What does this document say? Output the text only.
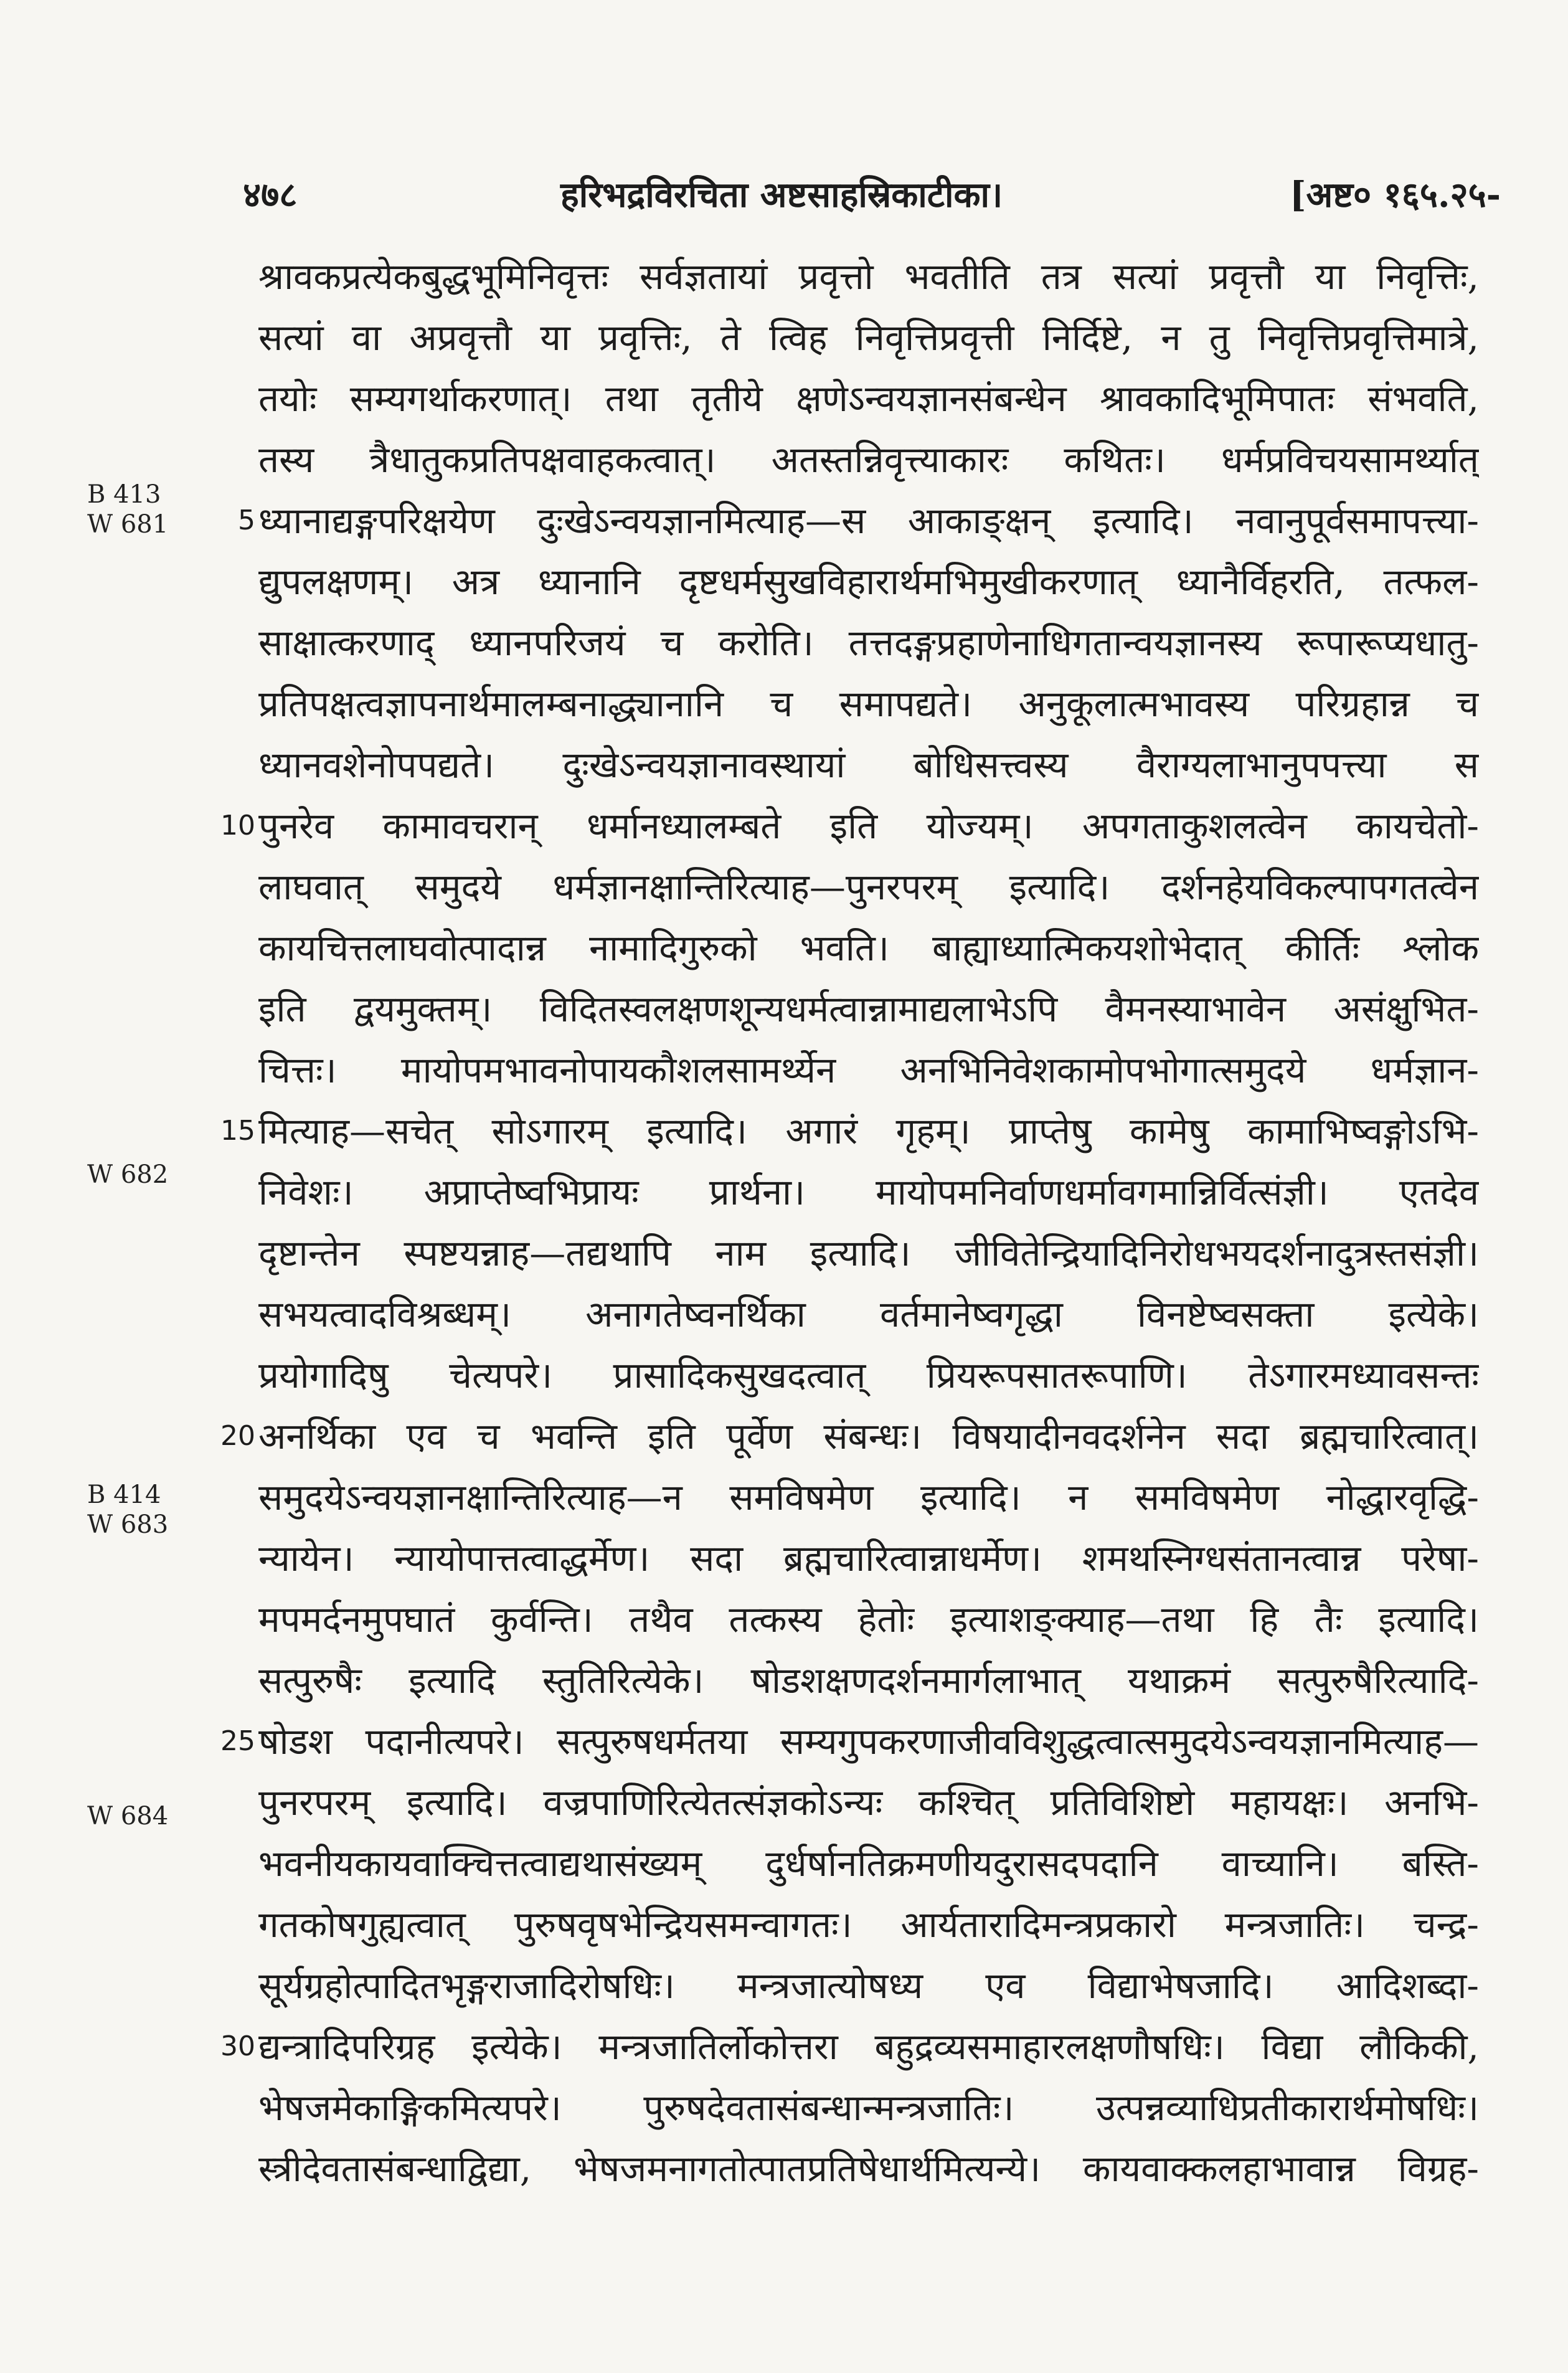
४७८	हरिभद्रविरचिता अष्टसाहस्रिकाटीका।	[अष्ट० १६५.२५-
B 413
W 681
W 682
B 414
W 683
W 684
5
10
15
20
25
30
श्रावकप्रत्येकबुद्धभूमिनिवृत्तः सर्वज्ञतायां प्रवृत्तो भवतीति तत्र सत्यां प्रवृत्तौ या निवृत्तिः,
सत्यां वा अप्रवृत्तौ या प्रवृत्तिः, ते त्विह निवृत्तिप्रवृत्ती निर्दिष्टे, न तु निवृत्तिप्रवृत्तिमात्रे,
तयोः सम्यगर्थाकरणात्। तथा तृतीये क्षणेऽन्वयज्ञानसंबन्धेन श्रावकादिभूमिपातः संभवति,
तस्य त्रैधातुकप्रतिपक्षवाहकत्वात्। अतस्तन्निवृत्त्याकारः कथितः। धर्मप्रविचयसामर्थ्यात्
ध्यानाद्यङ्गपरिक्षयेण दुःखेऽन्वयज्ञानमित्याह—स आकाङ्क्षन् इत्यादि। नवानुपूर्वसमापत्त्या-
द्युपलक्षणम्। अत्र ध्यानानि दृष्टधर्मसुखविहारार्थमभिमुखीकरणात् ध्यानैर्विहरति, तत्फल-
साक्षात्करणाद् ध्यानपरिजयं च करोति। तत्तदङ्गप्रहाणेनाधिगतान्वयज्ञानस्य रूपारूप्यधातु-
प्रतिपक्षत्वज्ञापनार्थमालम्बनाद्ध्यानानि च समापद्यते। अनुकूलात्मभावस्य परिग्रहान्न च
ध्यानवशेनोपपद्यते। दुःखेऽन्वयज्ञानावस्थायां बोधिसत्त्वस्य वैराग्यलाभानुपपत्त्या स
पुनरेव कामावचरान् धर्मानध्यालम्बते इति योज्यम्। अपगताकुशलत्वेन कायचेतो-
लाघवात् समुदये धर्मज्ञानक्षान्तिरित्याह—पुनरपरम् इत्यादि। दर्शनहेयविकल्पापगतत्वेन
कायचित्तलाघवोत्पादान्न नामादिगुरुको भवति। बाह्याध्यात्मिकयशोभेदात् कीर्तिः श्लोक
इति द्वयमुक्तम्। विदितस्वलक्षणशून्यधर्मत्वान्नामाद्यलाभेऽपि वैमनस्याभावेन असंक्षुभित-
चित्तः। मायोपमभावनोपायकौशलसामर्थ्येन अनभिनिवेशकामोपभोगात्समुदये धर्मज्ञान-
मित्याह—सचेत् सोऽगारम् इत्यादि। अगारं गृहम्। प्राप्तेषु कामेषु कामाभिष्वङ्गोऽभि-
निवेशः। अप्राप्तेष्वभिप्रायः प्रार्थना। मायोपमनिर्वाणधर्मावगमान्निर्वित्संज्ञी। एतदेव
दृष्टान्तेन स्पष्टयन्नाह—तद्यथापि नाम इत्यादि। जीवितेन्द्रियादिनिरोधभयदर्शनादुत्रस्तसंज्ञी।
सभयत्वादविश्रब्धम्। अनागतेष्वनर्थिका वर्तमानेष्वगृद्धा विनष्टेष्वसक्ता इत्येके।
प्रयोगादिषु चेत्यपरे। प्रासादिकसुखदत्वात् प्रियरूपसातरूपाणि। तेऽगारमध्यावसन्तः
अनर्थिका एव च भवन्ति इति पूर्वेण संबन्धः। विषयादीनवदर्शनेन सदा ब्रह्मचारित्वात्।
समुदयेऽन्वयज्ञानक्षान्तिरित्याह—न समविषमेण इत्यादि। न समविषमेण नोद्धारवृद्धि-
न्यायेन। न्यायोपात्तत्वाद्धर्मेण। सदा ब्रह्मचारित्वान्नाधर्मेण। शमथस्निग्धसंतानत्वान्न परेषा-
मपमर्दनमुपघातं कुर्वन्ति। तथैव तत्कस्य हेतोः इत्याशङ्क्याह—तथा हि तैः इत्यादि।
सत्पुरुषैः इत्यादि स्तुतिरित्येके। षोडशक्षणदर्शनमार्गलाभात् यथाक्रमं सत्पुरुषैरित्यादि-
षोडश पदानीत्यपरे। सत्पुरुषधर्मतया सम्यगुपकरणाजीवविशुद्धत्वात्समुदयेऽन्वयज्ञानमित्याह—
पुनरपरम् इत्यादि। वज्रपाणिरित्येतत्संज्ञकोऽन्यः कश्चित् प्रतिविशिष्टो महायक्षः। अनभि-
भवनीयकायवाक्चित्तत्वाद्यथासंख्यम् दुर्धर्षानतिक्रमणीयदुरासदपदानि वाच्यानि। बस्ति-
गतकोषगुह्यत्वात् पुरुषवृषभेन्द्रियसमन्वागतः। आर्यतारादिमन्त्रप्रकारो मन्त्रजातिः। चन्द्र-
सूर्यग्रहोत्पादितभृङ्गराजादिरोषधिः। मन्त्रजात्योषध्य एव विद्याभेषजादि। आदिशब्दा-
द्यन्त्रादिपरिग्रह इत्येके। मन्त्रजातिर्लोकोत्तरा बहुद्रव्यसमाहारलक्षणौषधिः। विद्या लौकिकी,
भेषजमेकाङ्गिकमित्यपरे। पुरुषदेवतासंबन्धान्मन्त्रजातिः। उत्पन्नव्याधिप्रतीकारार्थमोषधिः।
स्त्रीदेवतासंबन्धाद्विद्या, भेषजमनागतोत्पातप्रतिषेधार्थमित्यन्ये। कायवाक्कलहाभावान्न विग्रह-
